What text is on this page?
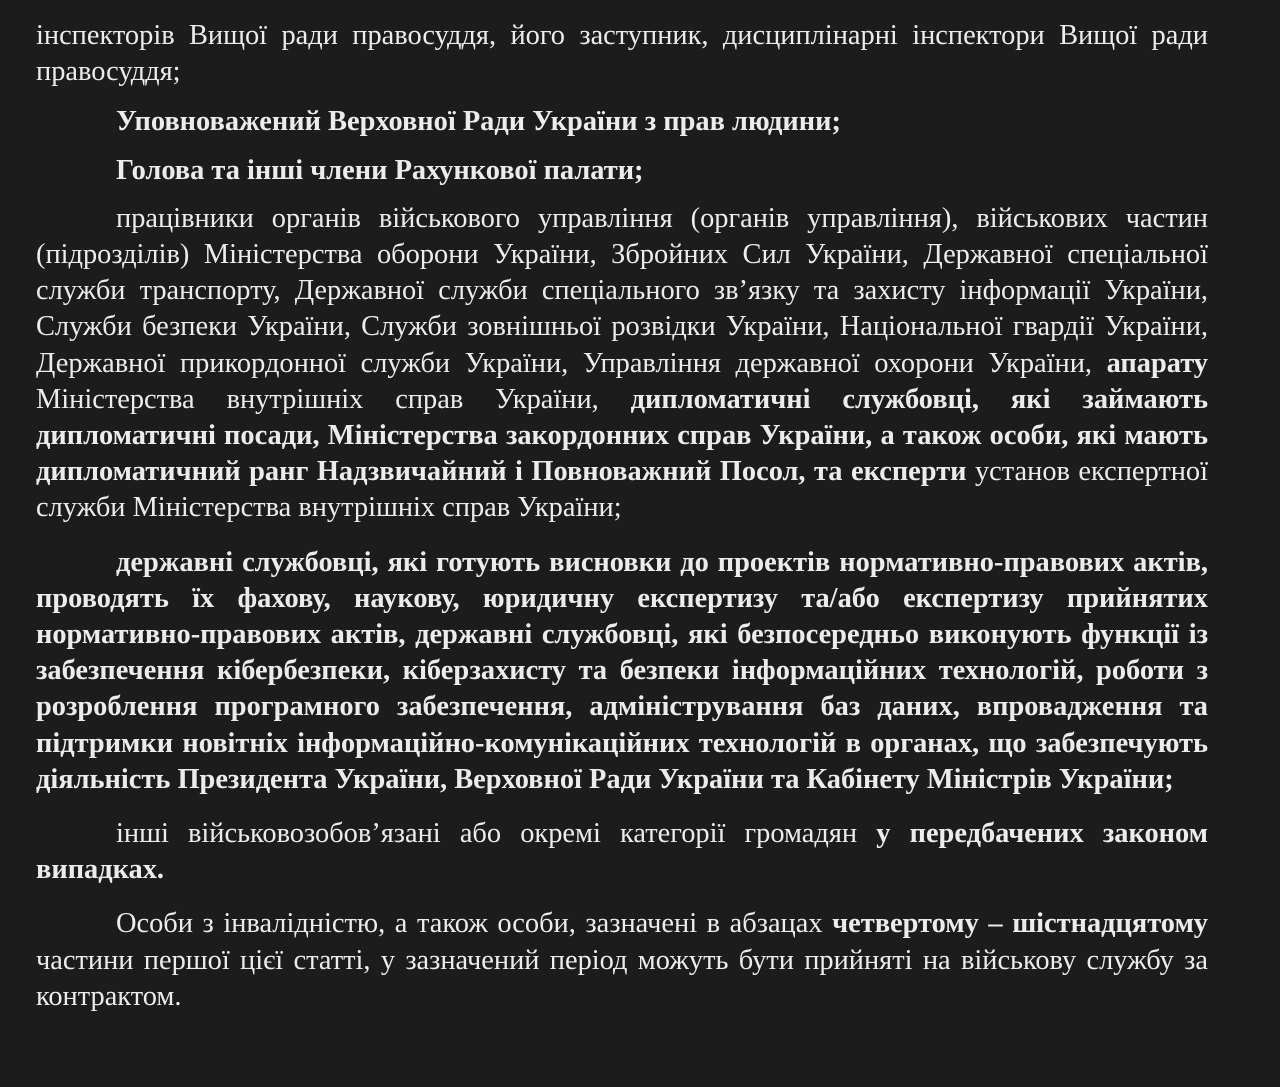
інспекторів Вищої ради правосуддя, його заступник, дисциплінарні інспектори Вищої ради правосуддя;

Уповноважений Верховної Ради України з прав людини;

Голова та інші члени Рахункової палати;

працівники органів військового управління (органів управління), військових частин (підрозділів) Міністерства оборони України, Збройних Сил України, Державної спеціальної служби транспорту, Державної служби спеціального зв’язку та захисту інформації України, Служби безпеки України, Служби зовнішньої розвідки України, Національної гвардії України, Державної прикордонної служби України, Управління державної охорони України, апарату Міністерства внутрішніх справ України, дипломатичні службовці, які займають дипломатичні посади, Міністерства закордонних справ України, а також особи, які мають дипломатичний ранг Надзвичайний і Повноважний Посол, та експерти установ експертної служби Міністерства внутрішніх справ України;

державні службовці, які готують висновки до проектів нормативно-правових актів, проводять їх фахову, наукову, юридичну експертизу та/або експертизу прийнятих нормативно-правових актів, державні службовці, які безпосередньо виконують функції із забезпечення кібербезпеки, кіберзахисту та безпеки інформаційних технологій, роботи з розроблення програмного забезпечення, адміністрування баз даних, впровадження та підтримки новітніх інформаційно-комунікаційних технологій в органах, що забезпечують діяльність Президента України, Верховної Ради України та Кабінету Міністрів України;

інші військовозобов’язані або окремі категорії громадян у передбачених законом випадках.

Особи з інвалідністю, а також особи, зазначені в абзацах четвертому – шістнадцятому частини першої цієї статті, у зазначений період можуть бути прийняті на військову службу за контрактом.
